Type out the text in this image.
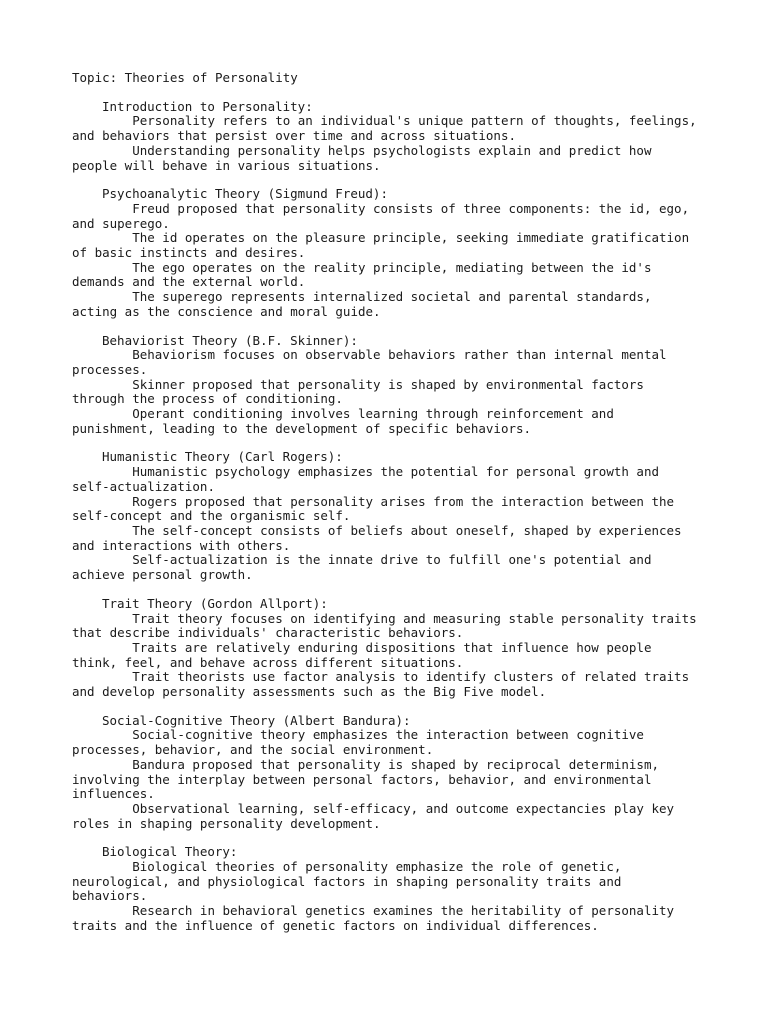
Topic: Theories of Personality
Introduction to Personality:
Personality refers to an individual's unique pattern of thoughts, feelings,
and behaviors that persist over time and across situations.
Understanding personality helps psychologists explain and predict how
people will behave in various situations.
Psychoanalytic Theory (Sigmund Freud):
Freud proposed that personality consists of three components: the id, ego,
and superego.
The id operates on the pleasure principle, seeking immediate gratification
of basic instincts and desires.
The ego operates on the reality principle, mediating between the id's
demands and the external world.
The superego represents internalized societal and parental standards,
acting as the conscience and moral guide.
Behaviorist Theory (B.F. Skinner):
Behaviorism focuses on observable behaviors rather than internal mental
processes.
Skinner proposed that personality is shaped by environmental factors
through the process of conditioning.
Operant conditioning involves learning through reinforcement and
punishment, leading to the development of specific behaviors.
Humanistic Theory (Carl Rogers):
Humanistic psychology emphasizes the potential for personal growth and
self-actualization.
Rogers proposed that personality arises from the interaction between the
self-concept and the organismic self.
The self-concept consists of beliefs about oneself, shaped by experiences
and interactions with others.
Self-actualization is the innate drive to fulfill one's potential and
achieve personal growth.
Trait Theory (Gordon Allport):
Trait theory focuses on identifying and measuring stable personality traits
that describe individuals' characteristic behaviors.
Traits are relatively enduring dispositions that influence how people
think, feel, and behave across different situations.
Trait theorists use factor analysis to identify clusters of related traits
and develop personality assessments such as the Big Five model.
Social-Cognitive Theory (Albert Bandura):
Social-cognitive theory emphasizes the interaction between cognitive
processes, behavior, and the social environment.
Bandura proposed that personality is shaped by reciprocal determinism,
involving the interplay between personal factors, behavior, and environmental
influences.
Observational learning, self-efficacy, and outcome expectancies play key
roles in shaping personality development.
Biological Theory:
Biological theories of personality emphasize the role of genetic,
neurological, and physiological factors in shaping personality traits and
behaviors.
Research in behavioral genetics examines the heritability of personality
traits and the influence of genetic factors on individual differences.
